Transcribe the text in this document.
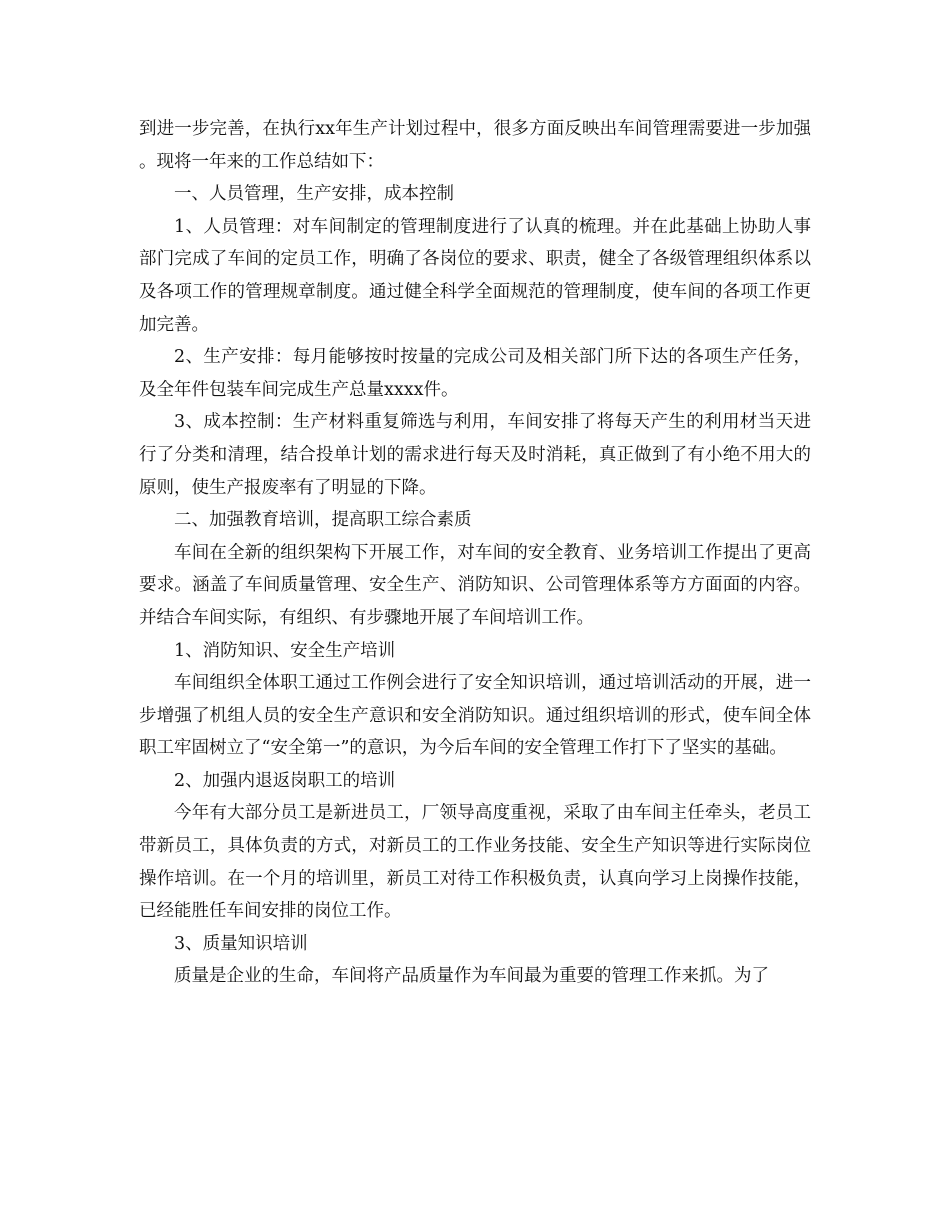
到进一步完善，在执行xx年生产计划过程中，很多方面反映出车间管理需要进一步加强。现将一年来的工作总结如下：

一、人员管理，生产安排，成本控制

1、人员管理：对车间制定的管理制度进行了认真的梳理。并在此基础上协助人事部门完成了车间的定员工作，明确了各岗位的要求、职责，健全了各级管理组织体系以及各项工作的管理规章制度。通过健全科学全面规范的管理制度，使车间的各项工作更加完善。

2、生产安排：每月能够按时按量的完成公司及相关部门所下达的各项生产任务，及全年件包装车间完成生产总量xxxx件。

3、成本控制：生产材料重复筛选与利用，车间安排了将每天产生的利用材当天进行了分类和清理，结合投单计划的需求进行每天及时消耗，真正做到了有小绝不用大的原则，使生产报废率有了明显的下降。

二、加强教育培训，提高职工综合素质

车间在全新的组织架构下开展工作，对车间的安全教育、业务培训工作提出了更高要求。涵盖了车间质量管理、安全生产、消防知识、公司管理体系等方方面面的内容。并结合车间实际，有组织、有步骤地开展了车间培训工作。

1、消防知识、安全生产培训

车间组织全体职工通过工作例会进行了安全知识培训，通过培训活动的开展，进一步增强了机组人员的安全生产意识和安全消防知识。通过组织培训的形式，使车间全体职工牢固树立了“安全第一”的意识，为今后车间的安全管理工作打下了坚实的基础。

2、加强内退返岗职工的培训

今年有大部分员工是新进员工，厂领导高度重视，采取了由车间主任牵头，老员工带新员工，具体负责的方式，对新员工的工作业务技能、安全生产知识等进行实际岗位操作培训。在一个月的培训里，新员工对待工作积极负责，认真向学习上岗操作技能，已经能胜任车间安排的岗位工作。

3、质量知识培训

质量是企业的生命，车间将产品质量作为车间最为重要的管理工作来抓。为了
